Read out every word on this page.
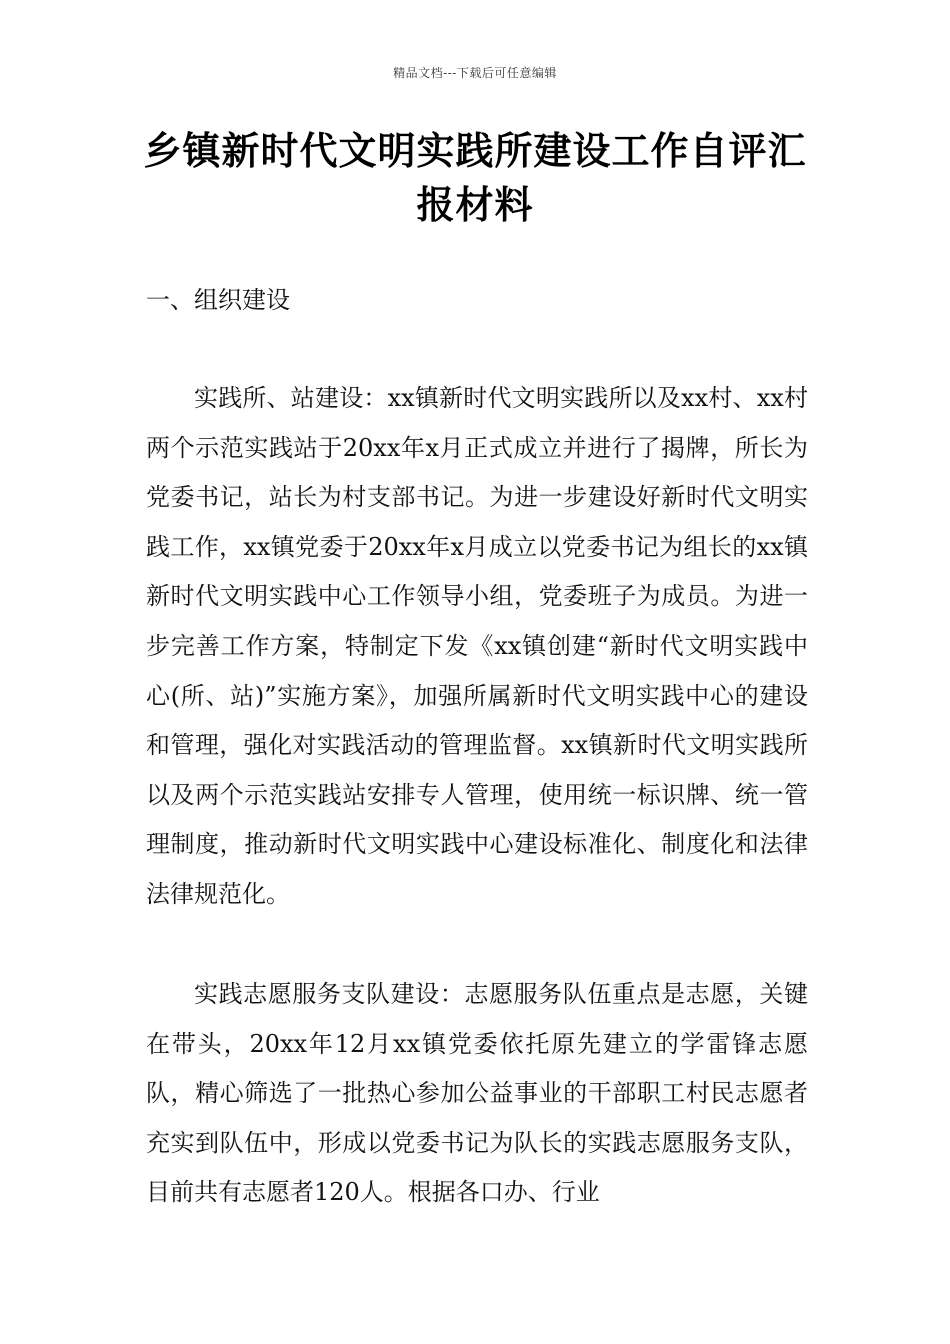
精品文档---下载后可任意编辑
乡镇新时代文明实践所建设工作自评汇报材料
一、组织建设

实践所、站建设：xx镇新时代文明实践所以及xx村、xx村两个示范实践站于20xx年x月正式成立并进行了揭牌，所长为党委书记，站长为村支部书记。为进一步建设好新时代文明实践工作，xx镇党委于20xx年x月成立以党委书记为组长的xx镇新时代文明实践中心工作领导小组，党委班子为成员。为进一步完善工作方案，特制定下发《xx镇创建“新时代文明实践中心(所、站)”实施方案》，加强所属新时代文明实践中心的建设和管理，强化对实践活动的管理监督。xx镇新时代文明实践所以及两个示范实践站安排专人管理，使用统一标识牌、统一管理制度，推动新时代文明实践中心建设标准化、制度化和法律法律规范化。

实践志愿服务支队建设：志愿服务队伍重点是志愿，关键在带头，20xx年12月xx镇党委依托原先建立的学雷锋志愿队，精心筛选了一批热心参加公益事业的干部职工村民志愿者充实到队伍中，形成以党委书记为队长的实践志愿服务支队，目前共有志愿者120人。根据各口办、行业
